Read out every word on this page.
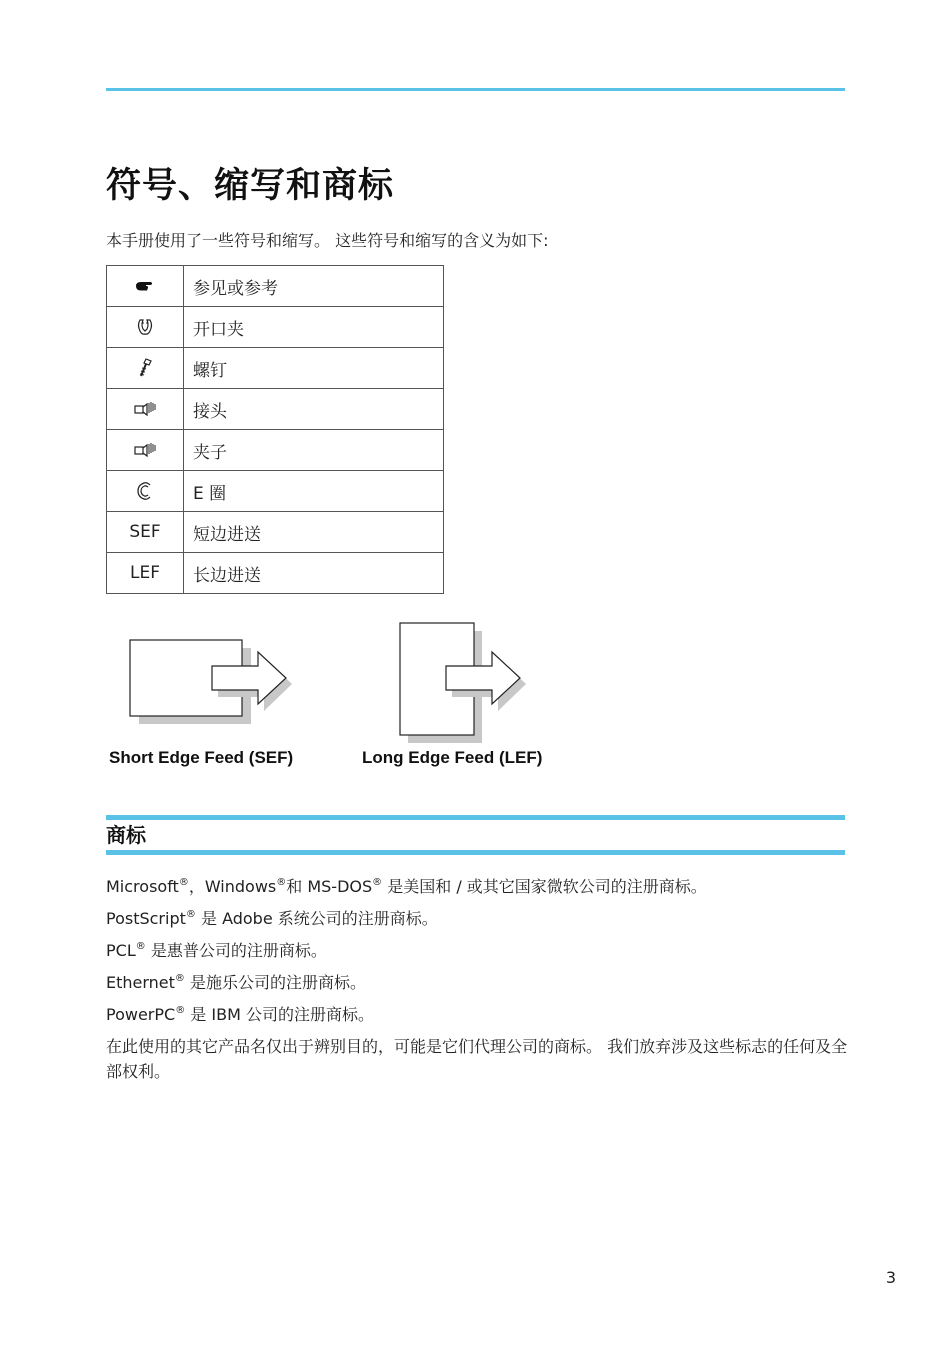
符号、缩写和商标
本手册使用了一些符号和缩写。 这些符号和缩写的含义为如下:
	参见或参考
	开口夹
	螺钉
	接头
	夹子
	E 圈
SEF	短边进送
LEF	长边进送
Short Edge Feed (SEF)	Long Edge Feed (LEF)
商标
Microsoft®，Windows®和 MS-DOS® 是美国和 / 或其它国家微软公司的注册商标。
PostScript® 是 Adobe 系统公司的注册商标。
PCL® 是惠普公司的注册商标。
Ethernet® 是施乐公司的注册商标。
PowerPC® 是 IBM 公司的注册商标。
在此使用的其它产品名仅出于辨别目的，可能是它们代理公司的商标。 我们放弃涉及这些标志的任何及全部权利。
3
